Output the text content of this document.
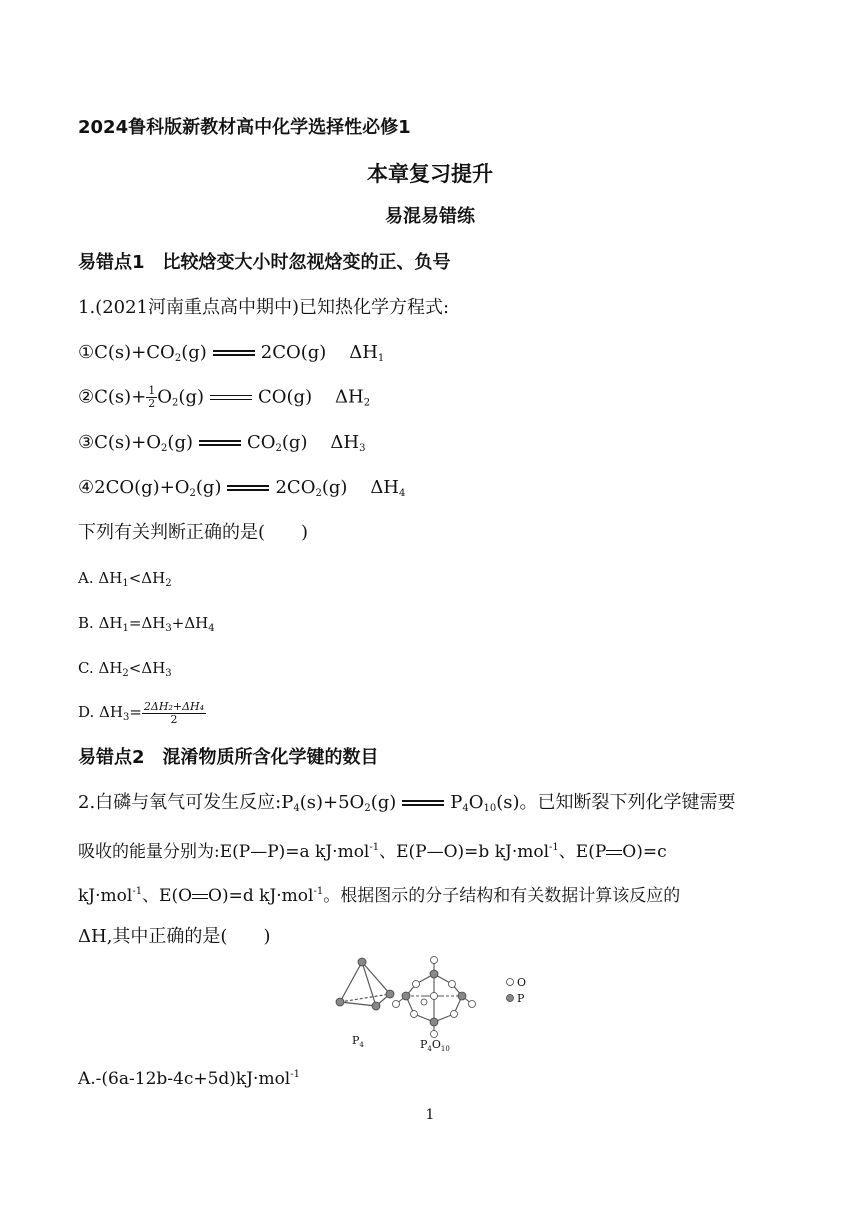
2024鲁科版新教材高中化学选择性必修1
本章复习提升
易混易错练
易错点1　比较焓变大小时忽视焓变的正、负号
1.(2021河南重点高中期中)已知热化学方程式:
$①C(s)+CO_2(g)$	2CO(g) $\Delta H_1$
②C(s)+ $\frac{1}{2} O_2(g)$	CO(g) $\Delta H_2$
$③C(s)+O_2(g)$	$CO_2(g)$ $\Delta H_3$
$④2CO(g)+O_2(g)$	$2CO_2(g)$ $\Delta H_4$
下列有关判断正确的是(　　)
A. $\Delta H_1<\Delta H_2$
B. $\Delta H_1=\Delta H_3+\Delta H_4$
C. $\Delta H_2<\Delta H_3$
D. $\Delta H_3= \frac{\text{2ΔH₂+ΔH₄}}{2}$
易错点2　混淆物质所含化学键的数目
2.白磷与氧气可发生反应$:P_4(s)+5O_2(g)$	$P_4O_{10}(s)$。已知断裂下列化学键需要
吸收的能量分别为:E(P—P)=a kJ·mol$^{-1}$、E(P—O)=b kJ·mol$^{-1}$、E(P O)=c
kJ·mol$^{-1}$、E(O O)=d kJ·mol$^{-1}$。根据图示的分子结构和有关数据计算该反应的
ΔH,其中正确的是(　　)
O
P
$P_4$	$P_4O_{10}$
A.-(6a-12b-4c+5d)kJ·mol$^{-1}$
1
